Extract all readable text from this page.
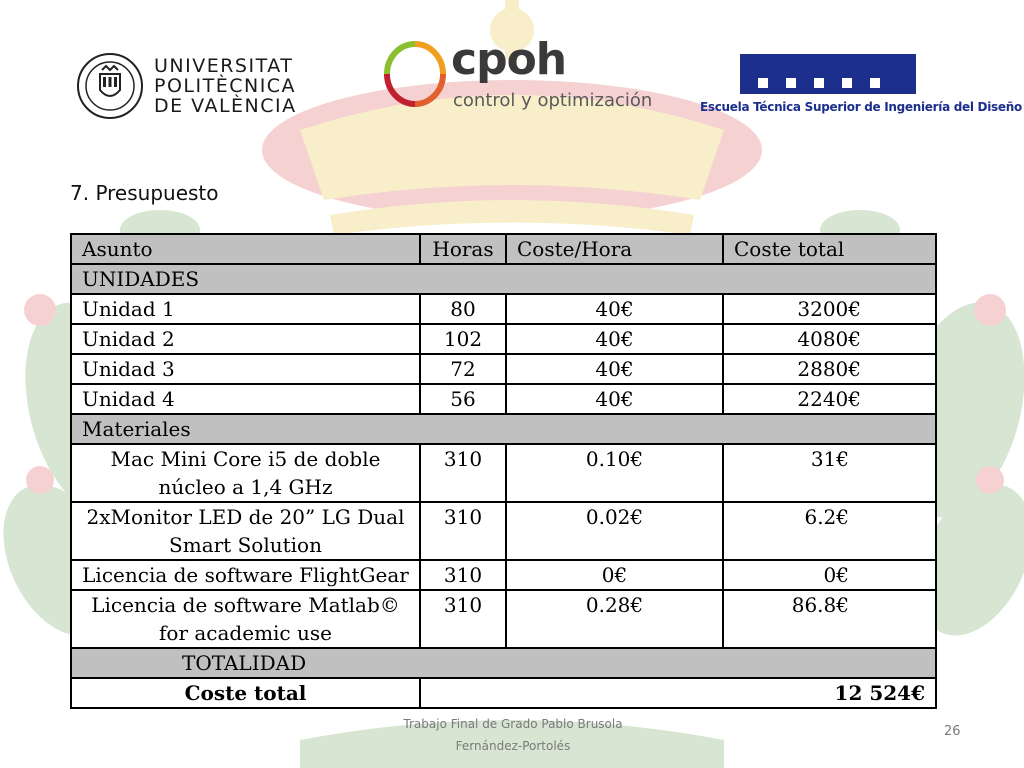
UNIVERSITAT
POLITÈCNICA
DE VALÈNCIA
cpoh
control y optimización	Escuela Técnica Superior de Ingeniería del Diseño
7. Presupuesto
Asunto	Horas	Coste/Hora	Coste total
UNIDADES			
Unidad 1	80	40€	3200€
Unidad 2	102	40€	4080€
Unidad 3	72	40€	2880€
Unidad 4	56	40€	2240€
Materiales			
Mac Mini Core i5 de doble núcleo a 1,4 GHz	310	0.10€	31€
2xMonitor LED de 20” LG Dual Smart Solution	310	0.02€	6.2€
Licencia de software FlightGear	310	0€	0€
Licencia de software Matlab© for academic use	310	0.28€	86.8€
TOTALIDAD			
Coste total	12 524€		
Trabajo Final de Grado Pablo Brusola Fernández-Portolés
26
